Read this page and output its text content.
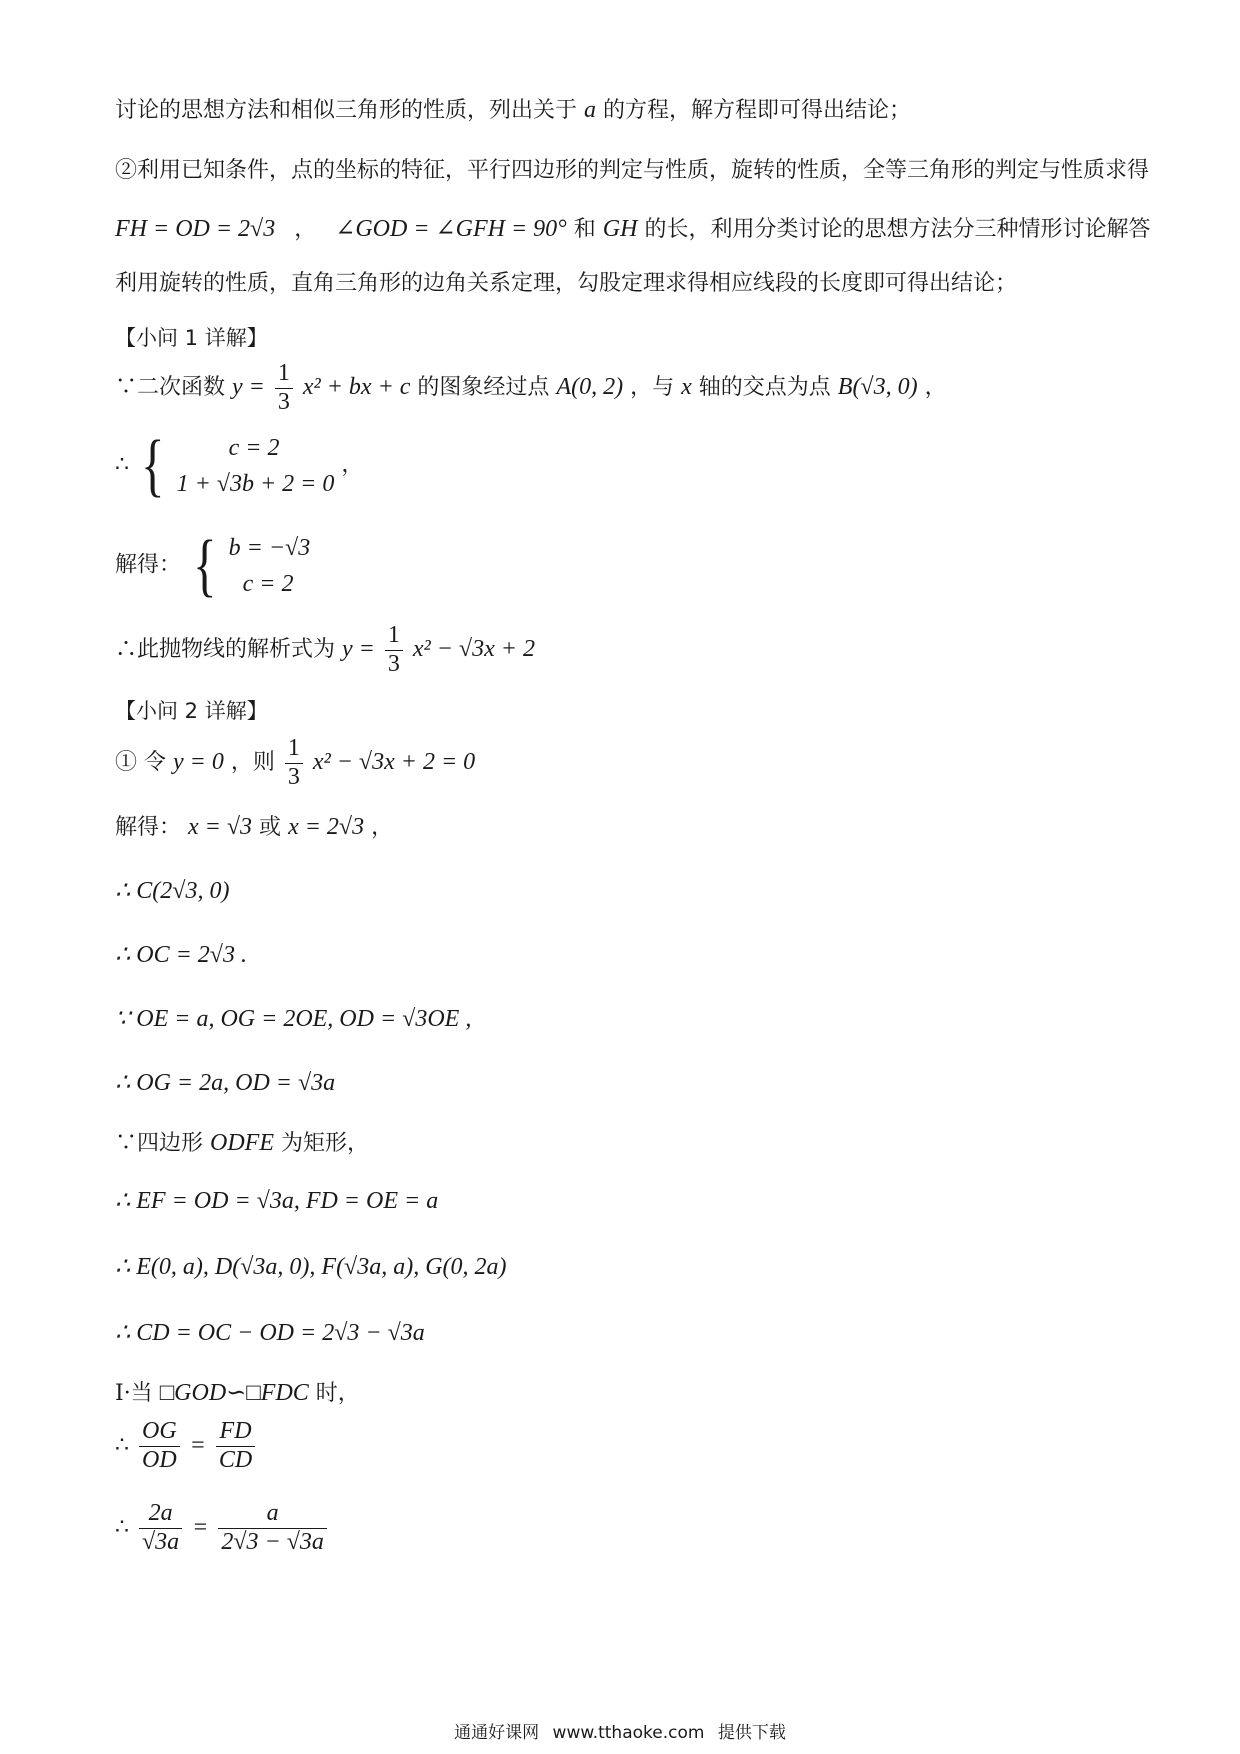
讨论的思想方法和相似三角形的性质，列出关于 a 的方程，解方程即可得出结论；
②利用已知条件，点的坐标的特征，平行四边形的判定与性质，旋转的性质，全等三角形的判定与性质求得
FH = OD = 2√3 ， ∠GOD = ∠GFH = 90° 和 GH 的长，利用分类讨论的思想方法分三种情形讨论解答
利用旋转的性质，直角三角形的边角关系定理，勾股定理求得相应线段的长度即可得出结论；
【小问 1 详解】
∵二次函数 $y = \frac{1}{3} x^2$ + bx + c 的图象经过点 A(0, 2) ，与 x 轴的交点为点 B(√3, 0) ，
∴ {	c = 2
1 + √3b + 2 = 0
，
解得： { b = −√3
c = 2
∴此抛物线的解析式为 $y = \frac{1}{3} x^2 - √3x + 2$
【小问 2 详解】
① 令 y = 0 ，则 $\frac{1}{3} x^2 - √3x + 2 = 0$
解得： x = √3 或 x = 2√3 ，
∴ C(2√3, 0)
∴ OC = 2√3 .
∵ OE = a, OG = 2OE, OD = √3OE ,
∴ OG = 2a, OD = √3a
∵四边形 ODFE 为矩形，
∴ EF = OD = √3a, FD = OE = a
∴ E(0, a), D(√3a, 0), F(√3a, a), G(0, 2a)
∴ CD = OC − OD = 2√3 − √3a
I·当 □GOD∽□FDC 时，
∴ $\frac{OG}{OD} = \frac{FD}{CD}$
∴ $\frac{2a}{√3a} = \frac{a}{2√3 - √3a}$
通通好课网 www.tthaoke.com 提供下载
